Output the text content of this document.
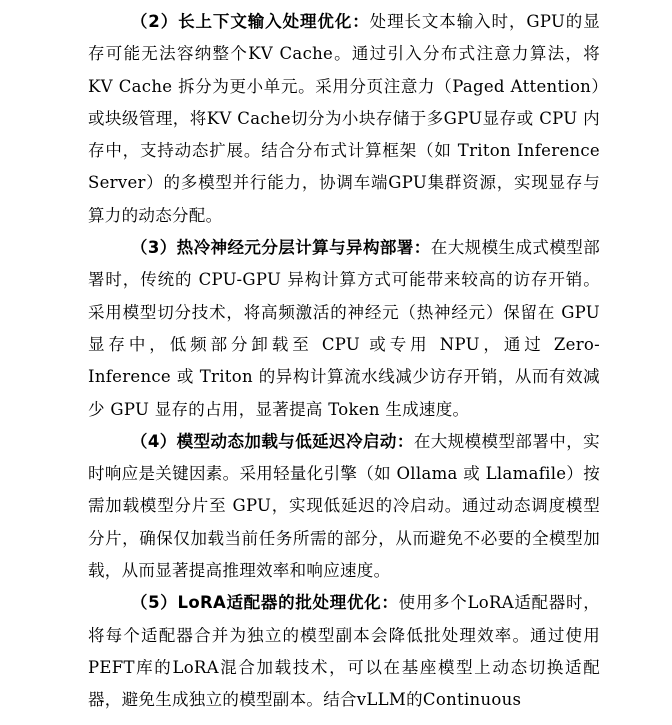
（2）长上下文输入处理优化：处理长文本输入时，GPU的显存可能无法容纳整个KV Cache。通过引入分布式注意力算法，将 KV Cache 拆分为更小单元。采用分页注意力（Paged Attention）或块级管理，将KV Cache切分为小块存储于多GPU显存或 CPU 内存中，支持动态扩展。结合分布式计算框架（如 Triton Inference Server）的多模型并行能力，协调车端GPU集群资源，实现显存与算力的动态分配。

（3）热冷神经元分层计算与异构部署：在大规模生成式模型部署时，传统的 CPU-GPU 异构计算方式可能带来较高的访存开销。采用模型切分技术，将高频激活的神经元（热神经元）保留在 GPU 显存中，低频部分卸载至 CPU 或专用 NPU，通过 Zero-Inference 或 Triton 的异构计算流水线减少访存开销，从而有效减少 GPU 显存的占用，显著提高 Token 生成速度。

（4）模型动态加载与低延迟冷启动：在大规模模型部署中，实时响应是关键因素。采用轻量化引擎（如 Ollama 或 Llamafile）按需加载模型分片至 GPU，实现低延迟的冷启动。通过动态调度模型分片，确保仅加载当前任务所需的部分，从而避免不必要的全模型加载，从而显著提高推理效率和响应速度。

（5）LoRA适配器的批处理优化：使用多个LoRA适配器时，将每个适配器合并为独立的模型副本会降低批处理效率。通过使用PEFT库的LoRA混合加载技术，可以在基座模型上动态切换适配器，避免生成独立的模型副本。结合vLLM的Continuous
